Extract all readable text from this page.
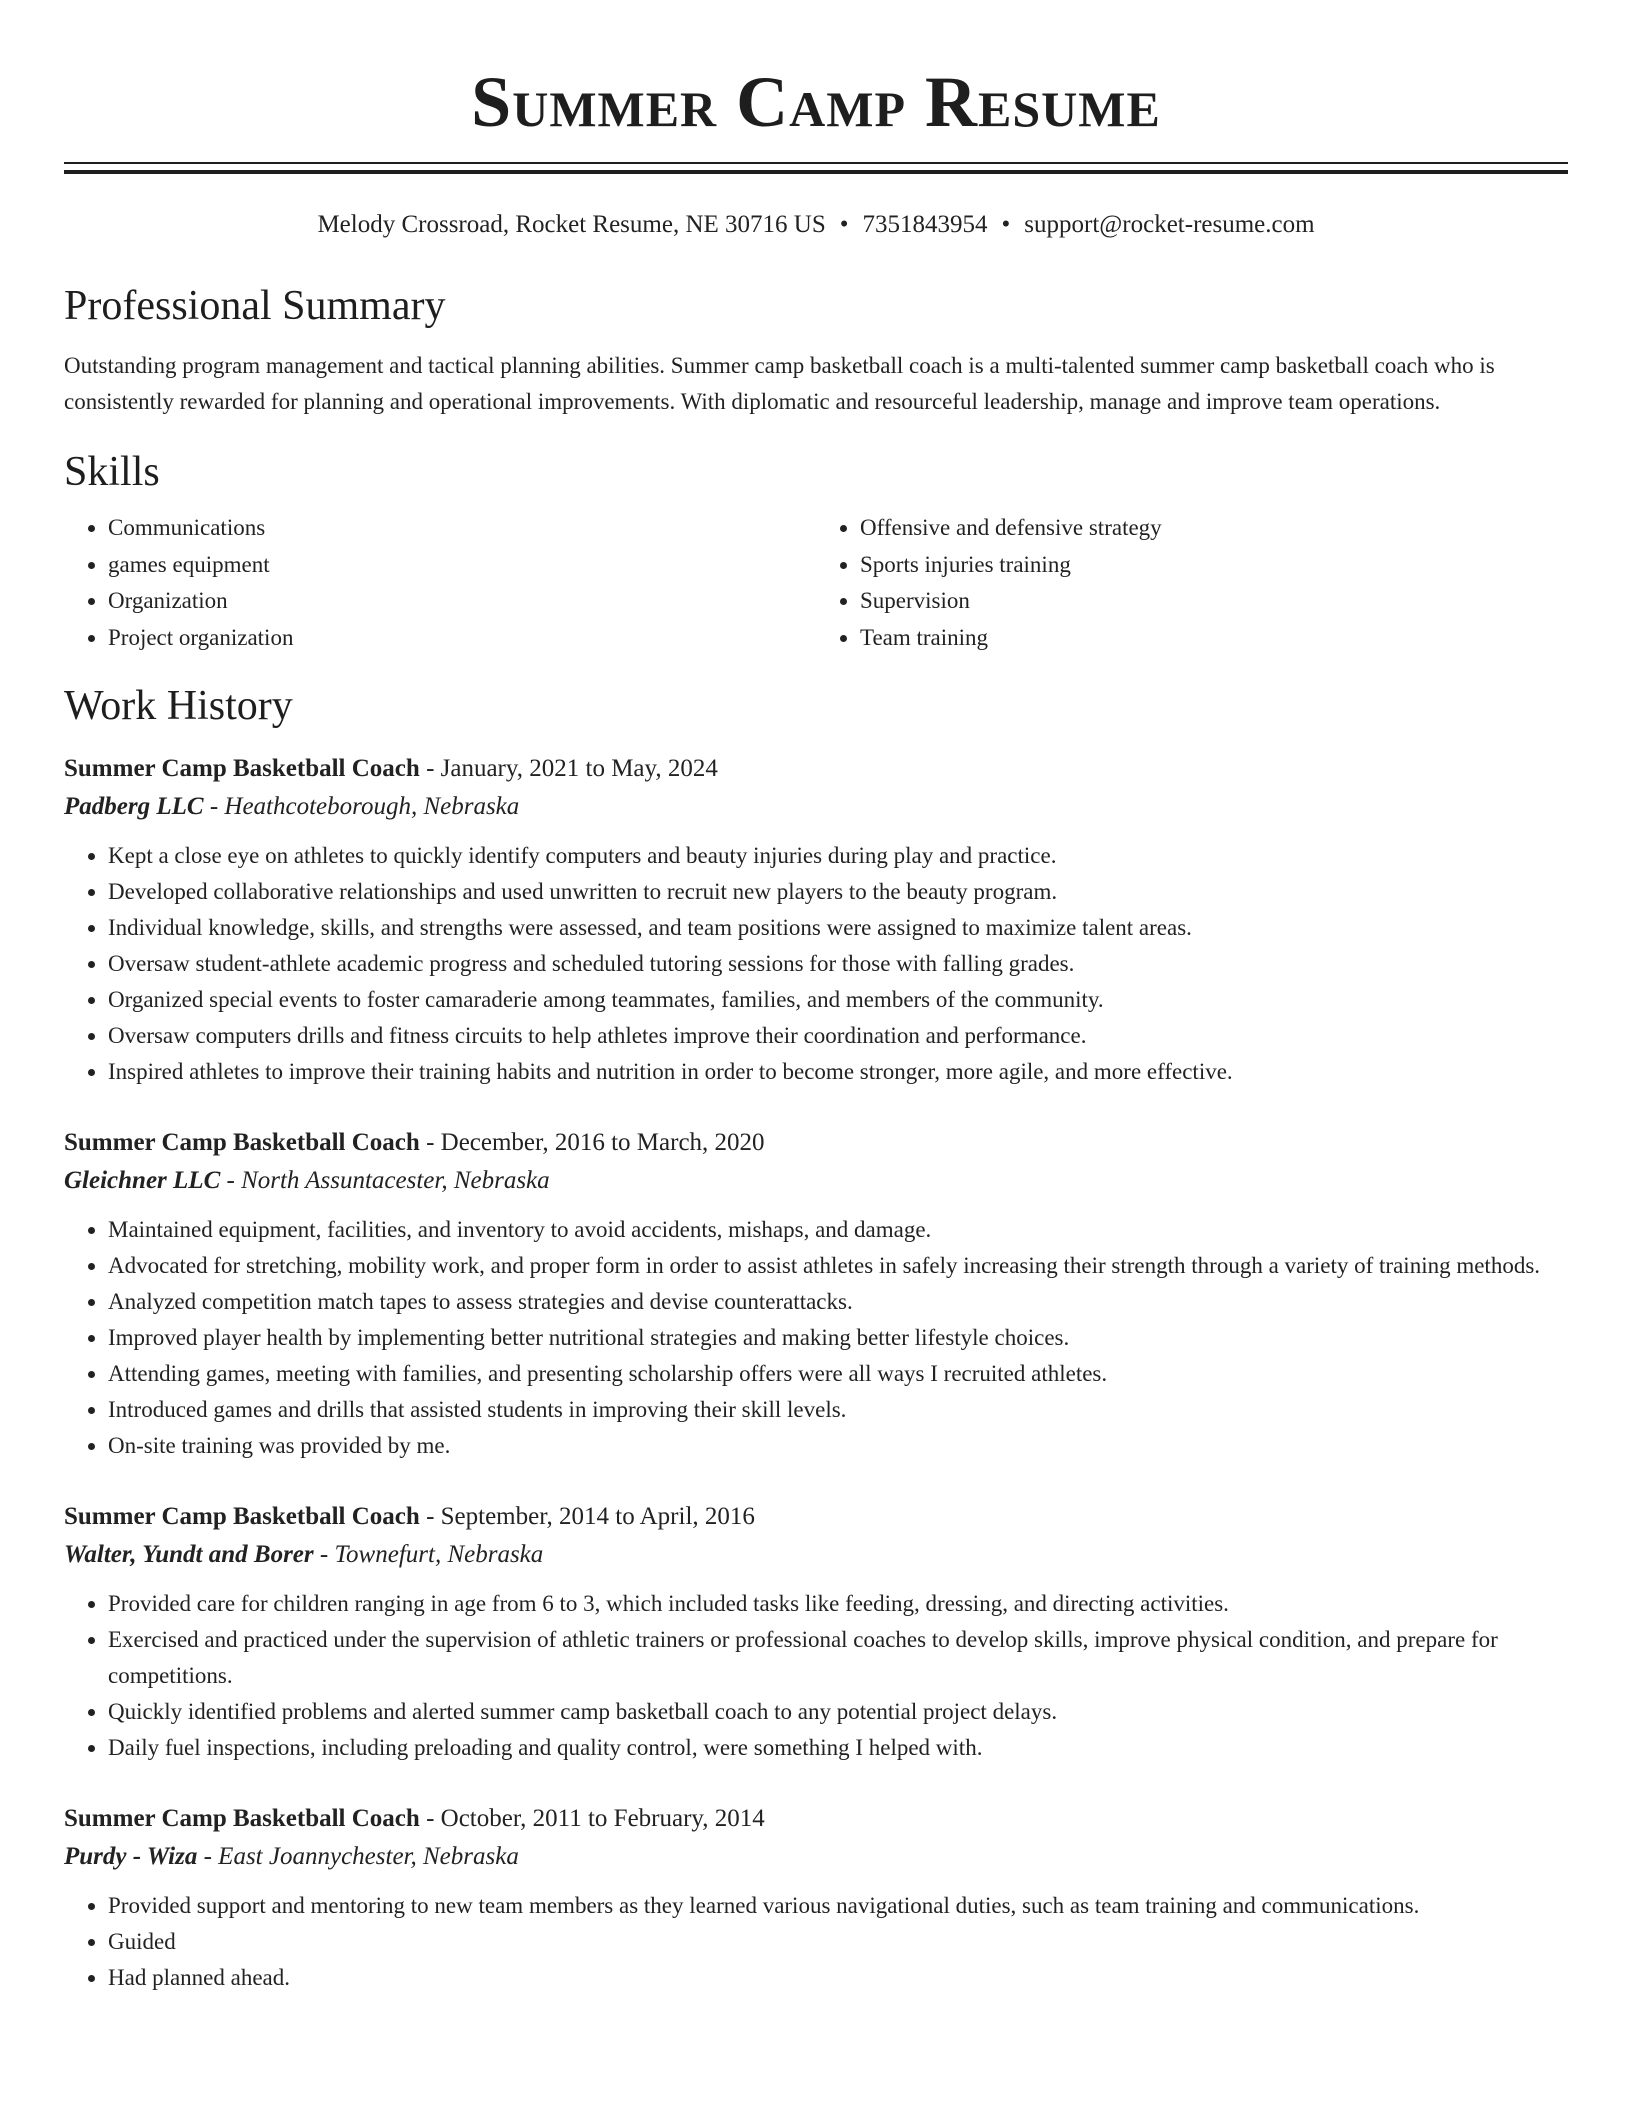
Summer Camp Resume
Melody Crossroad, Rocket Resume, NE 30716 US • 7351843954 • support@rocket-resume.com
Professional Summary
Outstanding program management and tactical planning abilities. Summer camp basketball coach is a multi-talented summer camp basketball coach who is consistently rewarded for planning and operational improvements. With diplomatic and resourceful leadership, manage and improve team operations.
Skills
• Communications
• games equipment
• Organization
• Project organization
• Offensive and defensive strategy
• Sports injuries training
• Supervision
• Team training
Work History
Summer Camp Basketball Coach - January, 2021 to May, 2024
Padberg LLC - Heathcoteborough, Nebraska
• Kept a close eye on athletes to quickly identify computers and beauty injuries during play and practice.
• Developed collaborative relationships and used unwritten to recruit new players to the beauty program.
• Individual knowledge, skills, and strengths were assessed, and team positions were assigned to maximize talent areas.
• Oversaw student-athlete academic progress and scheduled tutoring sessions for those with falling grades.
• Organized special events to foster camaraderie among teammates, families, and members of the community.
• Oversaw computers drills and fitness circuits to help athletes improve their coordination and performance.
• Inspired athletes to improve their training habits and nutrition in order to become stronger, more agile, and more effective.
Summer Camp Basketball Coach - December, 2016 to March, 2020
Gleichner LLC - North Assuntacester, Nebraska
• Maintained equipment, facilities, and inventory to avoid accidents, mishaps, and damage.
• Advocated for stretching, mobility work, and proper form in order to assist athletes in safely increasing their strength through a variety of training methods.
• Analyzed competition match tapes to assess strategies and devise counterattacks.
• Improved player health by implementing better nutritional strategies and making better lifestyle choices.
• Attending games, meeting with families, and presenting scholarship offers were all ways I recruited athletes.
• Introduced games and drills that assisted students in improving their skill levels.
• On-site training was provided by me.
Summer Camp Basketball Coach - September, 2014 to April, 2016
Walter, Yundt and Borer - Townefurt, Nebraska
• Provided care for children ranging in age from 6 to 3, which included tasks like feeding, dressing, and directing activities.
• Exercised and practiced under the supervision of athletic trainers or professional coaches to develop skills, improve physical condition, and prepare for competitions.
• Quickly identified problems and alerted summer camp basketball coach to any potential project delays.
• Daily fuel inspections, including preloading and quality control, were something I helped with.
Summer Camp Basketball Coach - October, 2011 to February, 2014
Purdy - Wiza - East Joannychester, Nebraska
• Provided support and mentoring to new team members as they learned various navigational duties, such as team training and communications.
• Guided
• Had planned ahead.
